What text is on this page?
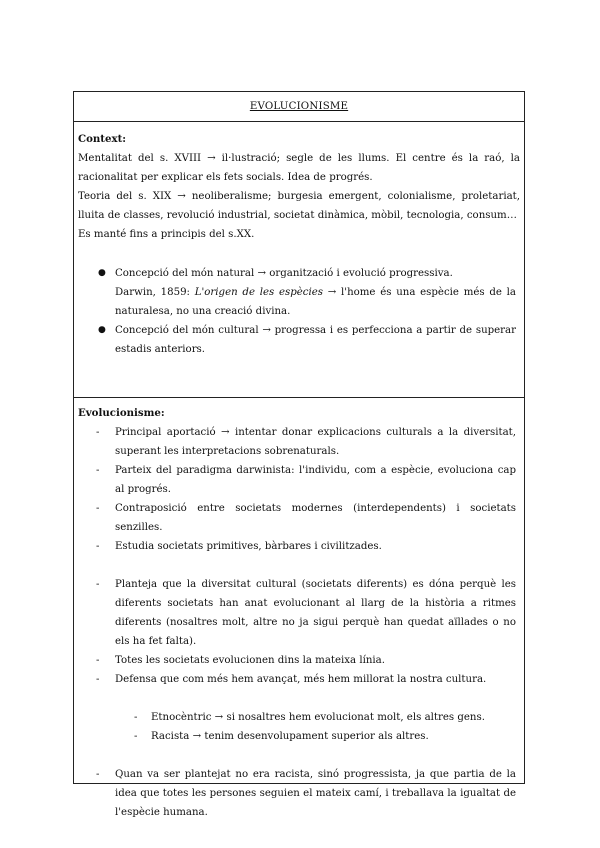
EVOLUCIONISME
Context:
Mentalitat del s. XVIII → il·lustració; segle de les llums. El centre és la raó, la racionalitat per explicar els fets socials. Idea de progrés.
Teoria del s. XIX → neoliberalisme; burgesia emergent, colonialisme, proletariat, lluita de classes, revolució industrial, societat dinàmica, mòbil, tecnologia, consum…
Es manté fins a principis del s.XX.
● Concepció del món natural → organització i evolució progressiva.
Darwin, 1859: L'origen de les espècies → l'home és una espècie més de la naturalesa, no una creació divina.
● Concepció del món cultural → progressa i es perfecciona a partir de superar estadis anteriors.
Evolucionisme:
- Principal aportació → intentar donar explicacions culturals a la diversitat, superant les interpretacions sobrenaturals.
- Parteix del paradigma darwinista: l'individu, com a espècie, evoluciona cap al progrés.
- Contraposició entre societats modernes (interdependents) i societats senzilles.
- Estudia societats primitives, bàrbares i civilitzades.
- Planteja que la diversitat cultural (societats diferents) es dóna perquè les diferents societats han anat evolucionant al llarg de la història a ritmes diferents (nosaltres molt, altre no ja sigui perquè han quedat aïllades o no els ha fet falta).
- Totes les societats evolucionen dins la mateixa línia.
- Defensa que com més hem avançat, més hem millorat la nostra cultura.
- Etnocèntric → si nosaltres hem evolucionat molt, els altres gens.
- Racista → tenim desenvolupament superior als altres.
- Quan va ser plantejat no era racista, sinó progressista, ja que partia de la idea que totes les persones seguien el mateix camí, i treballava la igualtat de l'espècie humana.
